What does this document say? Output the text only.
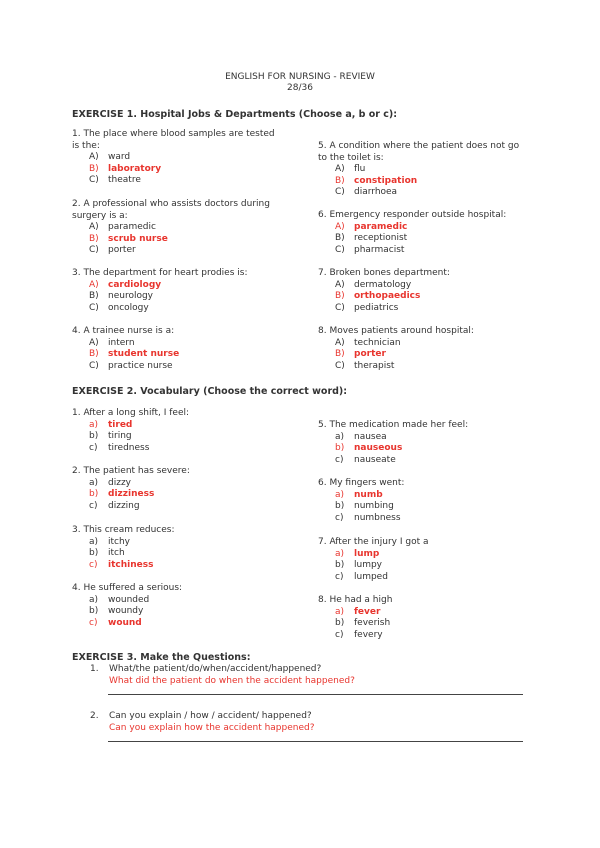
ENGLISH FOR NURSING - REVIEW
28/36
EXERCISE 1. Hospital Jobs & Departments (Choose a, b or c):
1. The place where blood samples are tested
is the:
A)	ward
B)	laboratory
C)	theatre
2. A professional who assists doctors during
surgery is a:
A)	paramedic
B)	scrub nurse
C)	porter
3. The department for heart prodies is:
A)	cardiology
B)	neurology
C)	oncology
4. A trainee nurse is a:
A)	intern
B)	student nurse
C)	practice nurse
5. A condition where the patient does not go
to the toilet is:
A)	flu
B)	constipation
C)	diarrhoea
6. Emergency responder outside hospital:
A)	paramedic
B)	receptionist
C)	pharmacist
7. Broken bones department:
A)	dermatology
B)	orthopaedics
C)	pediatrics
8. Moves patients around hospital:
A)	technician
B)	porter
C)	therapist
EXERCISE 2. Vocabulary (Choose the correct word):
1. After a long shift, I feel:
a)	tired
b)	tiring
c)	tiredness
2. The patient has severe:
a)	dizzy
b)	dizziness
c)	dizzing
3. This cream reduces:
a)	itchy
b)	itch
c)	itchiness
4. He suffered a serious:
a)	wounded
b)	woundy
c)	wound
5. The medication made her feel:
a)	nausea
b)	nauseous
c)	nauseate
6. My fingers went:
a)	numb
b)	numbing
c)	numbness
7. After the injury I got a
a)	lump
b)	lumpy
c)	lumped
8. He had a high
a)	fever
b)	feverish
c)	fevery
EXERCISE 3. Make the Questions:
1. What/the patient/do/when/accident/happened?
What did the patient do when the accident happened?
2. Can you explain / how / accident/ happened?
Can you explain how the accident happened?
